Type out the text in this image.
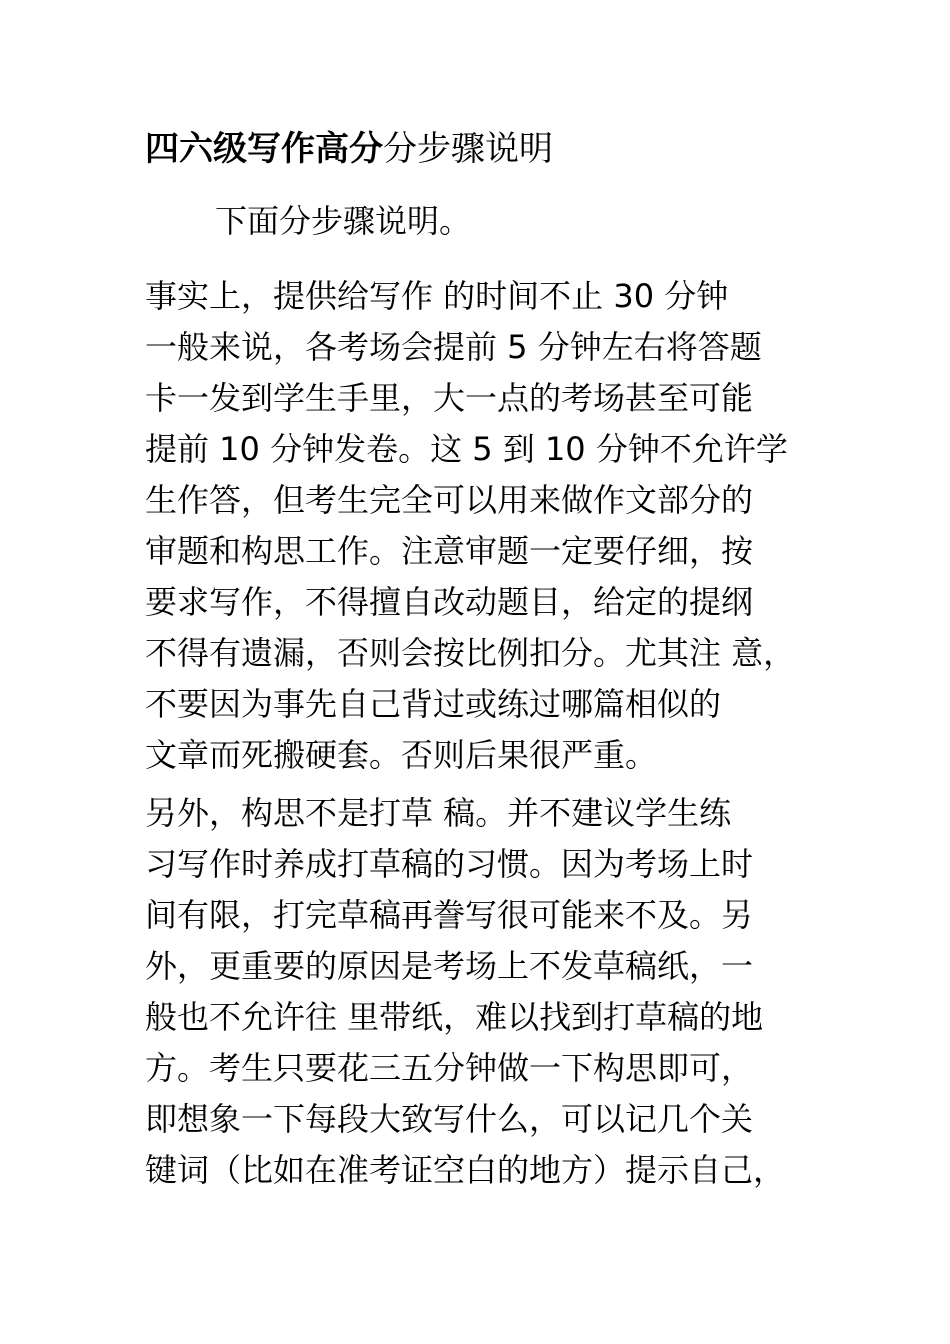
四六级写作高分分步骤说明

下面分步骤说明。

事实上，提供给写作 的时间不止 30 分钟
一般来说，各考场会提前 5 分钟左右将答题
卡一发到学生手里，大一点的考场甚至可能
提前 10 分钟发卷。这 5 到 10 分钟不允许学
生作答，但考生完全可以用来做作文部分的
审题和构思工作。注意审题一定要仔细，按
要求写作，不得擅自改动题目，给定的提纲
不得有遗漏，否则会按比例扣分。尤其注 意，
不要因为事先自己背过或练过哪篇相似的
文章而死搬硬套。否则后果很严重。
另外，构思不是打草 稿。并不建议学生练
习写作时养成打草稿的习惯。因为考场上时
间有限，打完草稿再誊写很可能来不及。另
外，更重要的原因是考场上不发草稿纸，一
般也不允许往 里带纸，难以找到打草稿的地
方。考生只要花三五分钟做一下构思即可，
即想象一下每段大致写什么，可以记几个关
键词（比如在准考证空白的地方）提示自己，
